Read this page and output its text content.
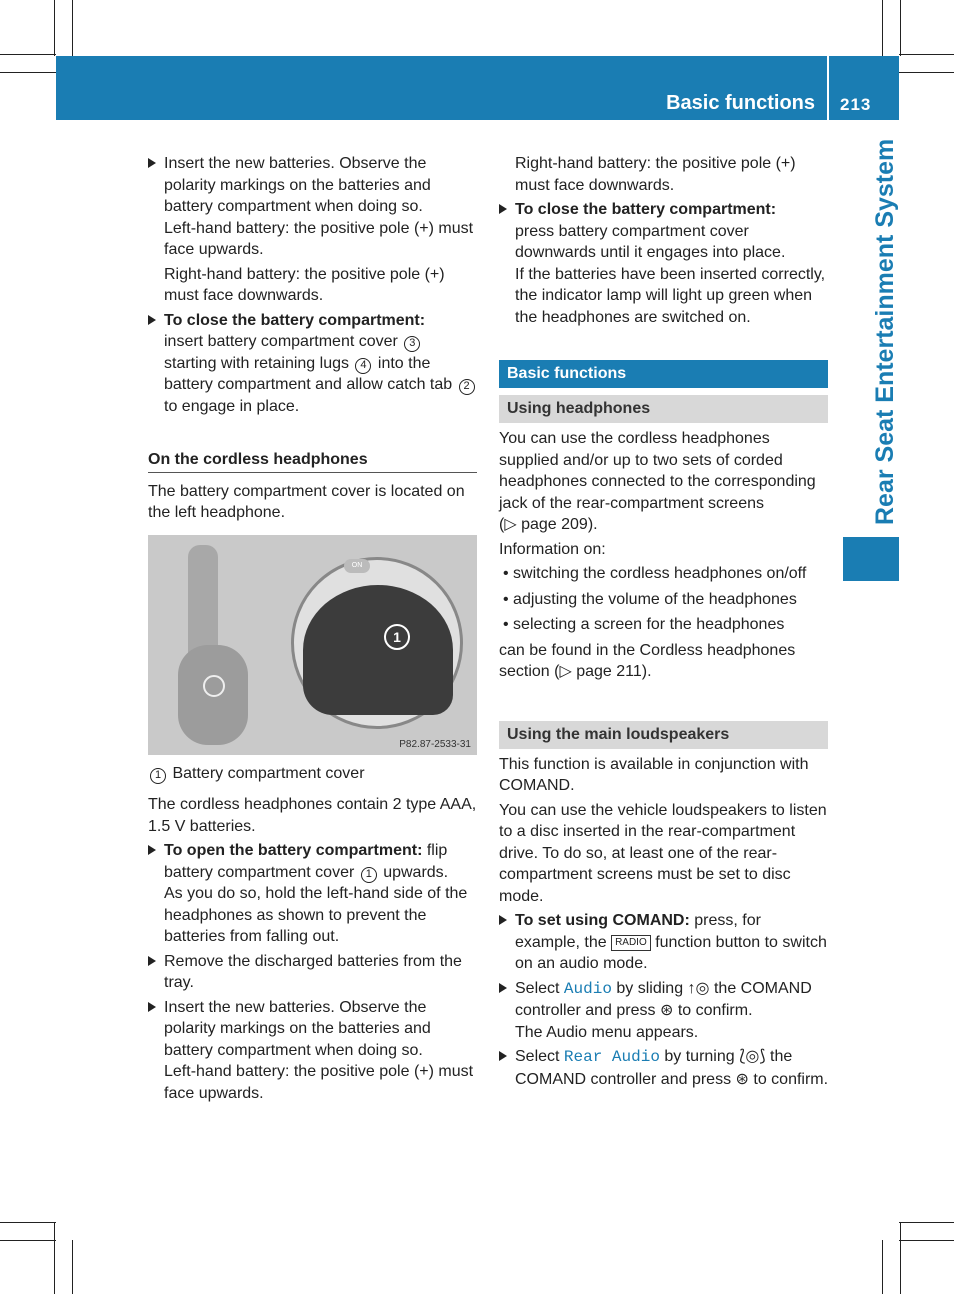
Basic functions 213
Rear Seat Entertainment System
Insert the new batteries. Observe the polarity markings on the batteries and battery compartment when doing so.
Left-hand battery: the positive pole (+) must face upwards.
Right-hand battery: the positive pole (+) must face downwards.
To close the battery compartment:
insert battery compartment cover 3
starting with retaining lugs 4 into the battery compartment and allow catch tab 2 to engage in place.
On the cordless headphones
The battery compartment cover is located on the left headphone.
ON
1
P82.87-2533-31
1 Battery compartment cover
The cordless headphones contain 2 type AAA, 1.5 V batteries.
To open the battery compartment: flip battery compartment cover 1 upwards.
As you do so, hold the left-hand side of the headphones as shown to prevent the batteries from falling out.
Remove the discharged batteries from the tray.
Insert the new batteries. Observe the polarity markings on the batteries and battery compartment when doing so.
Left-hand battery: the positive pole (+) must face upwards.
Right-hand battery: the positive pole (+) must face downwards.
To close the battery compartment:
press battery compartment cover downwards until it engages into place.
If the batteries have been inserted correctly, the indicator lamp will light up green when the headphones are switched on.
Basic functions
Using headphones
You can use the cordless headphones supplied and/or up to two sets of corded headphones connected to the corresponding jack of the rear-compartment screens
(▷ page 209).
Information on:
• switching the cordless headphones on/off
• adjusting the volume of the headphones
• selecting a screen for the headphones
can be found in the Cordless headphones section (▷ page 211).
Using the main loudspeakers
This function is available in conjunction with COMAND.
You can use the vehicle loudspeakers to listen to a disc inserted in the rear-compartment drive. To do so, at least one of the rear-compartment screens must be set to disc mode.
To set using COMAND: press, for example, the RADIO function button to switch on an audio mode.
Select Audio by sliding ↑◎ the COMAND controller and press ⊛ to confirm.
The Audio menu appears.
Select Rear Audio by turning ⟅◎⟆ the COMAND controller and press ⊛ to confirm.
